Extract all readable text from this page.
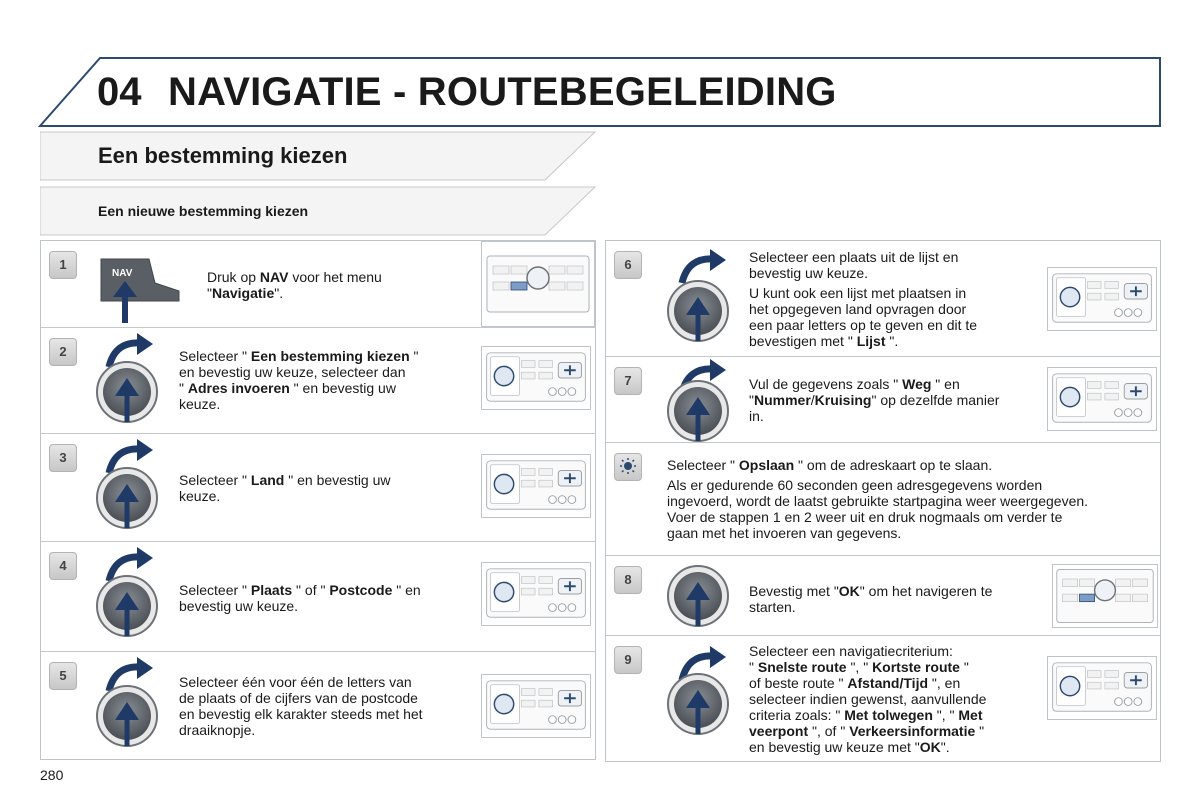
04 NAVIGATIE - ROUTEBEGELEIDING
Een bestemming kiezen
Een nieuwe bestemming kiezen
1
NAV	Druk op NAV voor het menu
"Navigatie".
2	Selecteer " Een bestemming kiezen "
en bevestig uw keuze, selecteer dan
" Adres invoeren " en bevestig uw
keuze.
3
Selecteer " Land " en bevestig uw
keuze.
4
Selecteer " Plaats " of " Postcode " en
bevestig uw keuze.
5	Selecteer één voor één de letters van
de plaats of de cijfers van de postcode
en bevestig elk karakter steeds met het
draaiknopje.
6	Selecteer een plaats uit de lijst en
bevestig uw keuze.

U kunt ook een lijst met plaatsen in
het opgegeven land opvragen door
een paar letters op te geven en dit te
bevestigen met " Lijst ".
7	Vul de gegevens zoals " Weg " en
"Nummer/Kruising" op dezelfde manier
in.

Selecteer " Opslaan " om de adreskaart op te slaan.

Als er gedurende 60 seconden geen adresgegevens worden
ingevoerd, wordt de laatst gebruikte startpagina weer weergegeven.
Voer de stappen 1 en 2 weer uit en druk nogmaals om verder te
gaan met het invoeren van gegevens.
8
Bevestig met "OK" om het navigeren te
starten.
9
Selecteer een navigatiecriterium:
" Snelste route ", " Kortste route "
of beste route " Afstand/Tijd ", en
selecteer indien gewenst, aanvullende
criteria zoals: " Met tolwegen ", " Met
veerpont ", of " Verkeersinformatie "
en bevestig uw keuze met "OK".
280
